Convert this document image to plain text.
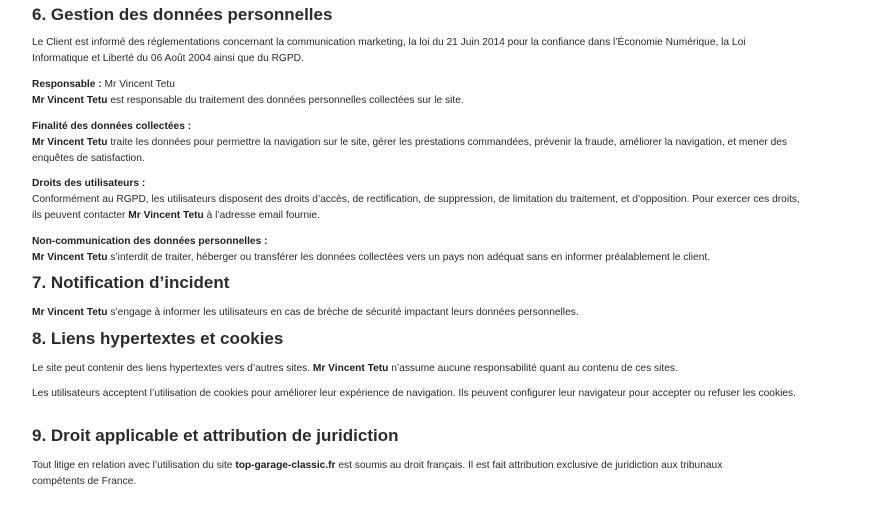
6. Gestion des données personnelles

Le Client est informé des réglementations concernant la communication marketing, la loi du 21 Juin 2014 pour la confiance dans l’Économie Numérique, la Loi Informatique et Liberté du 06 Août 2004 ainsi que du RGPD.

Responsable : Mr Vincent Tetu

Mr Vincent Tetu est responsable du traitement des données personnelles collectées sur le site.

Finalité des données collectées :

Mr Vincent Tetu traite les données pour permettre la navigation sur le site, gérer les prestations commandées, prévenir la fraude, améliorer la navigation, et mener des enquêtes de satisfaction.

Droits des utilisateurs :

Conformément au RGPD, les utilisateurs disposent des droits d’accès, de rectification, de suppression, de limitation du traitement, et d’opposition. Pour exercer ces droits, ils peuvent contacter Mr Vincent Tetu à l’adresse email fournie.

Non-communication des données personnelles :

Mr Vincent Tetu s’interdit de traiter, héberger ou transférer les données collectées vers un pays non adéquat sans en informer préalablement le client.

7. Notification d’incident

Mr Vincent Tetu s’engage à informer les utilisateurs en cas de brèche de sécurité impactant leurs données personnelles.

8. Liens hypertextes et cookies

Le site peut contenir des liens hypertextes vers d’autres sites. Mr Vincent Tetu n’assume aucune responsabilité quant au contenu de ces sites.

Les utilisateurs acceptent l’utilisation de cookies pour améliorer leur expérience de navigation. Ils peuvent configurer leur navigateur pour accepter ou refuser les cookies.

9. Droit applicable et attribution de juridiction

Tout litige en relation avec l’utilisation du site top-garage-classic.fr est soumis au droit français. Il est fait attribution exclusive de juridiction aux tribunaux compétents de France.
